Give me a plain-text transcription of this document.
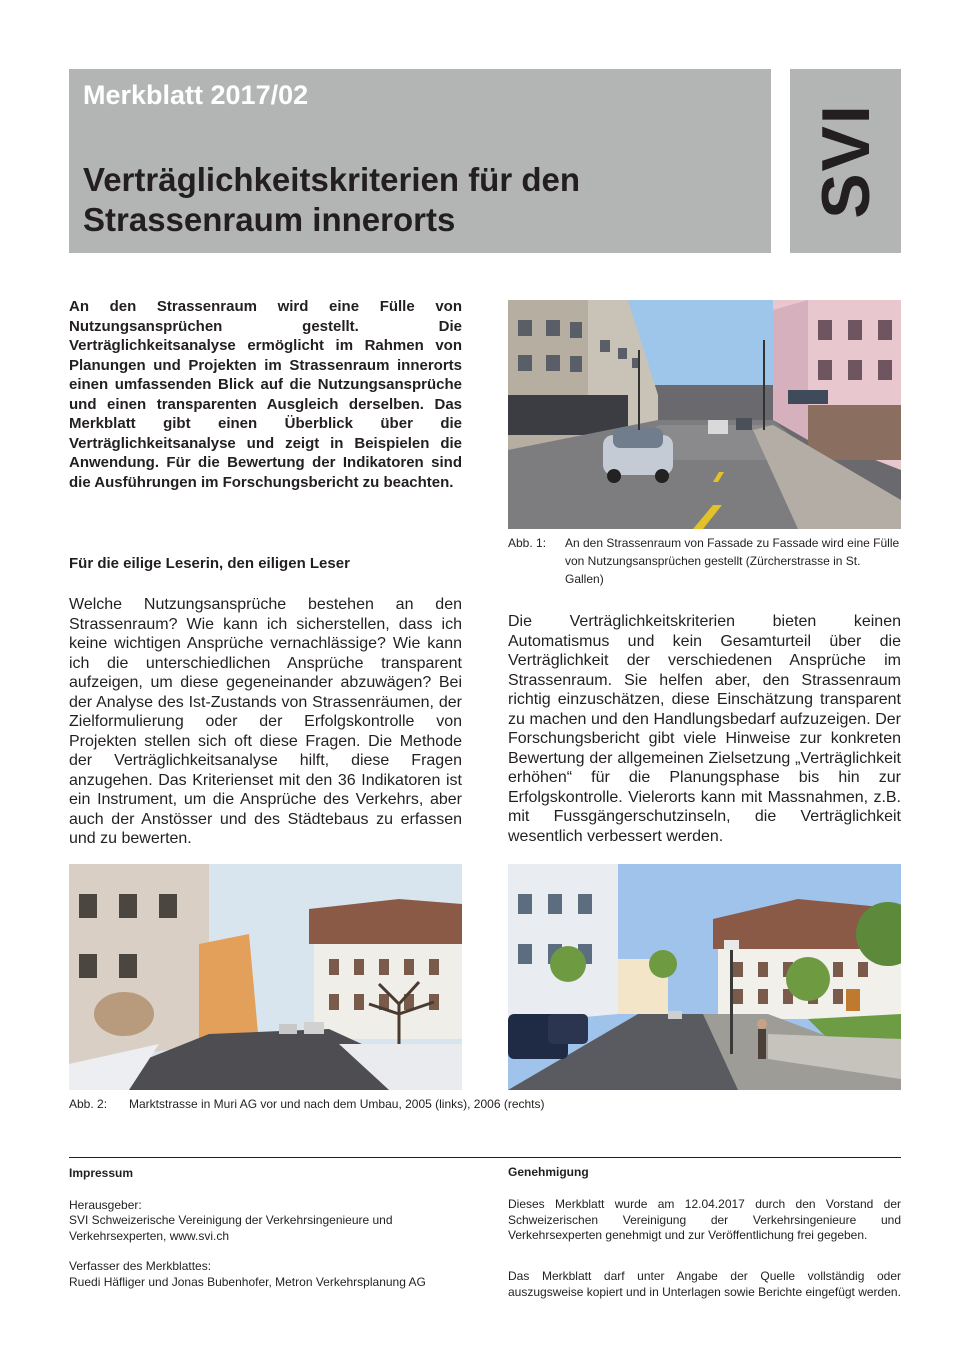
Merkblatt 2017/02
Verträglichkeitskriterien für den
Strassenraum innerorts
SVI

An den Strassenraum wird eine Fülle von Nutzungsansprüchen gestellt. Die Verträglichkeitsanalyse ermöglicht im Rahmen von Planungen und Projekten im Strassenraum innerorts einen umfassenden Blick auf die Nutzungsansprüche und einen transparenten Ausgleich derselben. Das Merkblatt gibt einen Überblick über die Verträglichkeitsanalyse und zeigt in Beispielen die Anwendung. Für die Bewertung der Indikatoren sind die Ausführungen im Forschungsbericht zu beachten.

Abb. 1:	An den Strassenraum von Fassade zu Fassade wird eine Fülle von Nutzungsansprüchen gestellt (Zürcherstrasse in St. Gallen)
Für die eilige Leserin, den eiligen Leser

Welche Nutzungsansprüche bestehen an den Strassenraum? Wie kann ich sicherstellen, dass ich keine wichtigen Ansprüche vernachlässige? Wie kann ich die unterschiedlichen Ansprüche transparent aufzeigen, um diese gegeneinander abzuwägen? Bei der Analyse des Ist-Zustands von Strassenräumen, der Zielformulierung oder der Erfolgskontrolle von Projekten stellen sich oft diese Fragen. Die Methode der Verträglichkeitsanalyse hilft, diese Fragen anzugehen. Das Kriterienset mit den 36 Indikatoren ist ein Instrument, um die Ansprüche des Verkehrs, aber auch der Anstösser und des Städtebaus zu erfassen und zu bewerten.

Die Verträglichkeitskriterien bieten keinen Automatismus und kein Gesamturteil über die Verträglichkeit der verschiedenen Ansprüche im Strassenraum. Sie helfen aber, den Strassenraum richtig einzuschätzen, diese Einschätzung transparent zu machen und den Handlungsbedarf aufzuzeigen. Der Forschungsbericht gibt viele Hinweise zur konkreten Bewertung der allgemeinen Zielsetzung „Verträglichkeit erhöhen“ für die Planungsphase bis hin zur Erfolgskontrolle. Vielerorts kann mit Massnahmen, z.B. mit Fussgängerschutzinseln, die Verträglichkeit wesentlich verbessert werden.

Abb. 2:	Marktstrasse in Muri AG vor und nach dem Umbau, 2005 (links), 2006 (rechts)
Impressum

Herausgeber:

SVI Schweizerische Vereinigung der Verkehrsingenieure und Verkehrsexperten, www.svi.ch

Verfasser des Merkblattes:

Ruedi Häfliger und Jonas Bubenhofer, Metron Verkehrsplanung AG

Genehmigung

Dieses Merkblatt wurde am 12.04.2017 durch den Vorstand der Schweizerischen Vereinigung der Verkehrsingenieure und Verkehrsexperten genehmigt und zur Veröffentlichung frei gegeben.

Das Merkblatt darf unter Angabe der Quelle vollständig oder auszugsweise kopiert und in Unterlagen sowie Berichte eingefügt werden.
